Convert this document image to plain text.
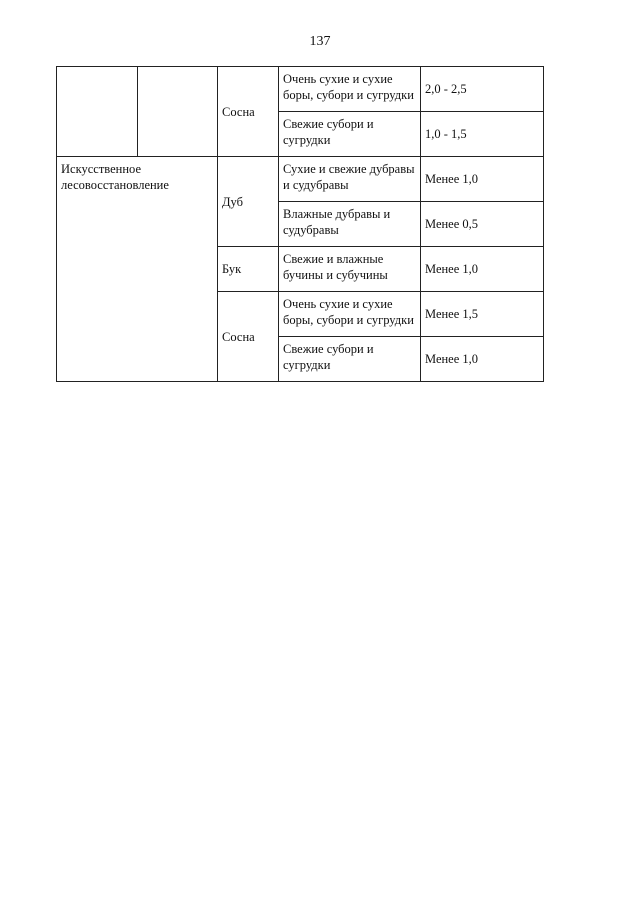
137
		Сосна	Очень сухие и сухие боры, субори и сугрудки	2,0 - 2,5
			Свежие субори и сугрудки	1,0 - 1,5
Искусственное лесовосстановление		Дуб	Сухие и свежие дубравы и судубравы	Менее 1,0
			Влажные дубравы и судубравы	Менее 0,5
		Бук	Свежие и влажные бучины и субучины	Менее 1,0
		Сосна	Очень сухие и сухие боры, субори и сугрудки	Менее 1,5
			Свежие субори и сугрудки	Менее 1,0
